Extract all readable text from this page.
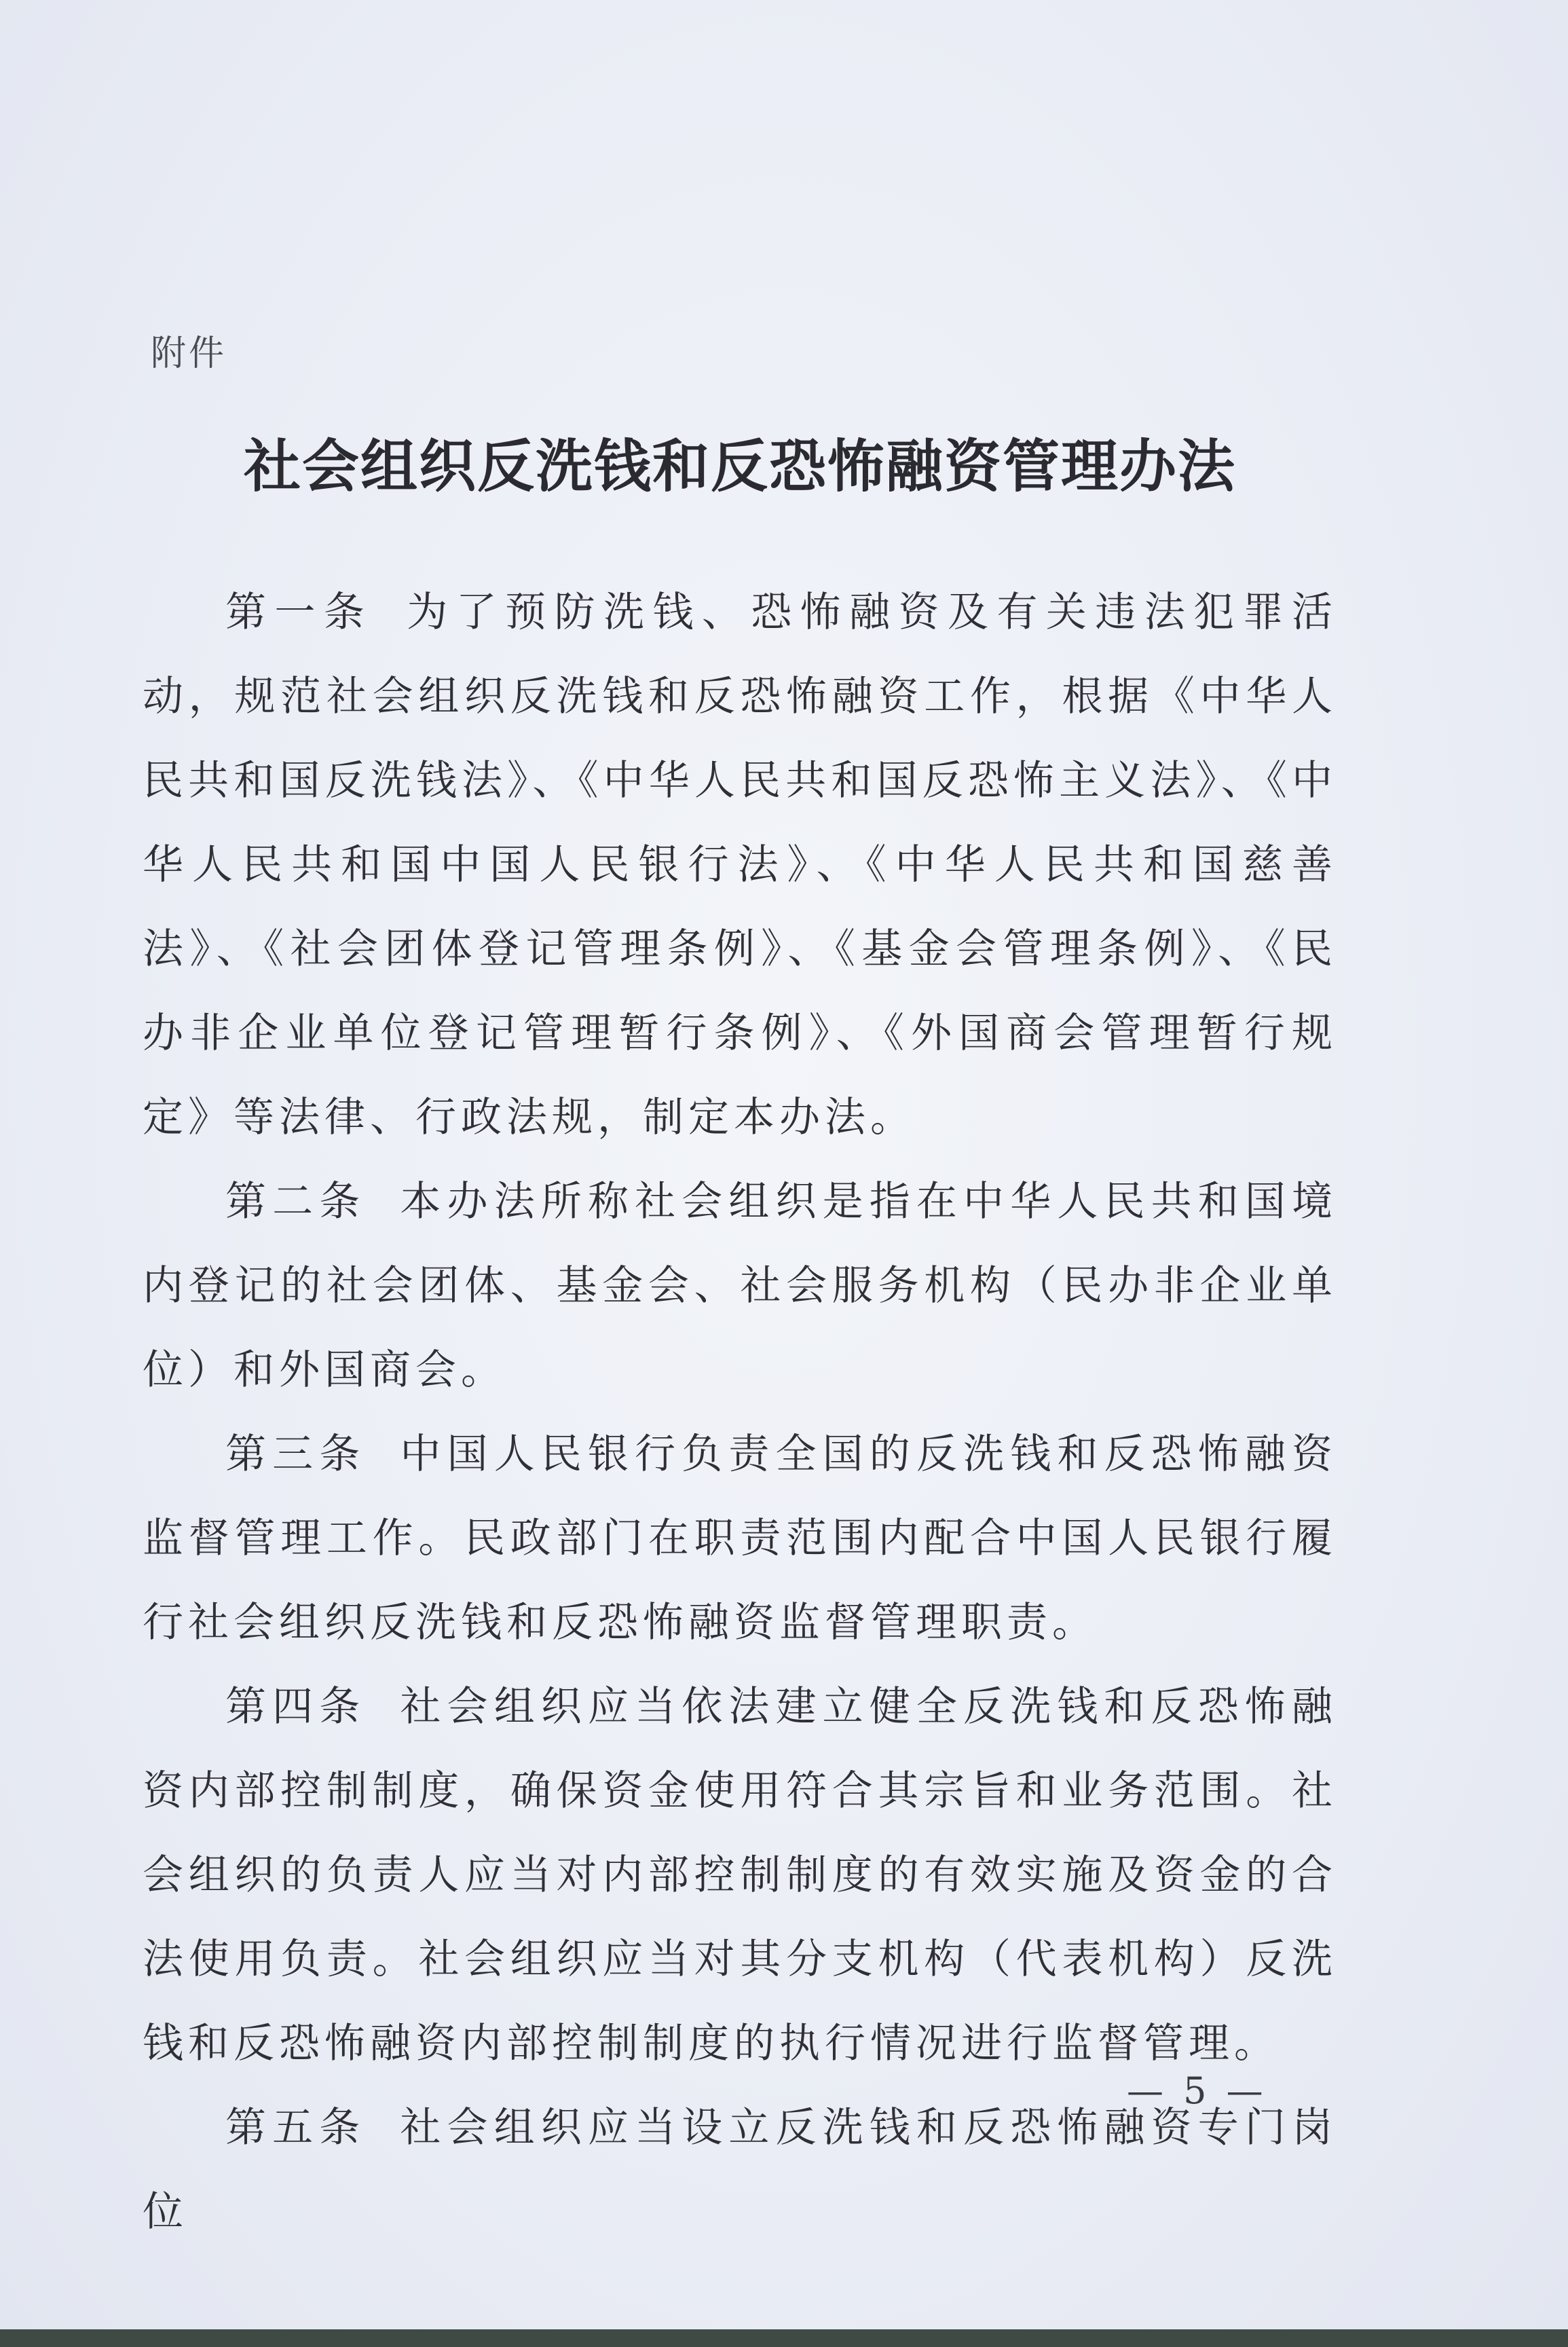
附件
社会组织反洗钱和反恐怖融资管理办法

第一条 为了预防洗钱、恐怖融资及有关违法犯罪活动，规范社会组织反洗钱和反恐怖融资工作，根据《中华人民共和国反洗钱法》、《中华人民共和国反恐怖主义法》、《中华人民共和国中国人民银行法》、《中华人民共和国慈善法》、《社会团体登记管理条例》、《基金会管理条例》、《民办非企业单位登记管理暂行条例》、《外国商会管理暂行规定》等法律、行政法规，制定本办法。

第二条 本办法所称社会组织是指在中华人民共和国境内登记的社会团体、基金会、社会服务机构（民办非企业单位）和外国商会。

第三条 中国人民银行负责全国的反洗钱和反恐怖融资监督管理工作。民政部门在职责范围内配合中国人民银行履行社会组织反洗钱和反恐怖融资监督管理职责。

第四条 社会组织应当依法建立健全反洗钱和反恐怖融资内部控制制度，确保资金使用符合其宗旨和业务范围。社会组织的负责人应当对内部控制制度的有效实施及资金的合法使用负责。社会组织应当对其分支机构（代表机构）反洗钱和反恐怖融资内部控制制度的执行情况进行监督管理。

第五条 社会组织应当设立反洗钱和反恐怖融资专门岗位

— 5 —
